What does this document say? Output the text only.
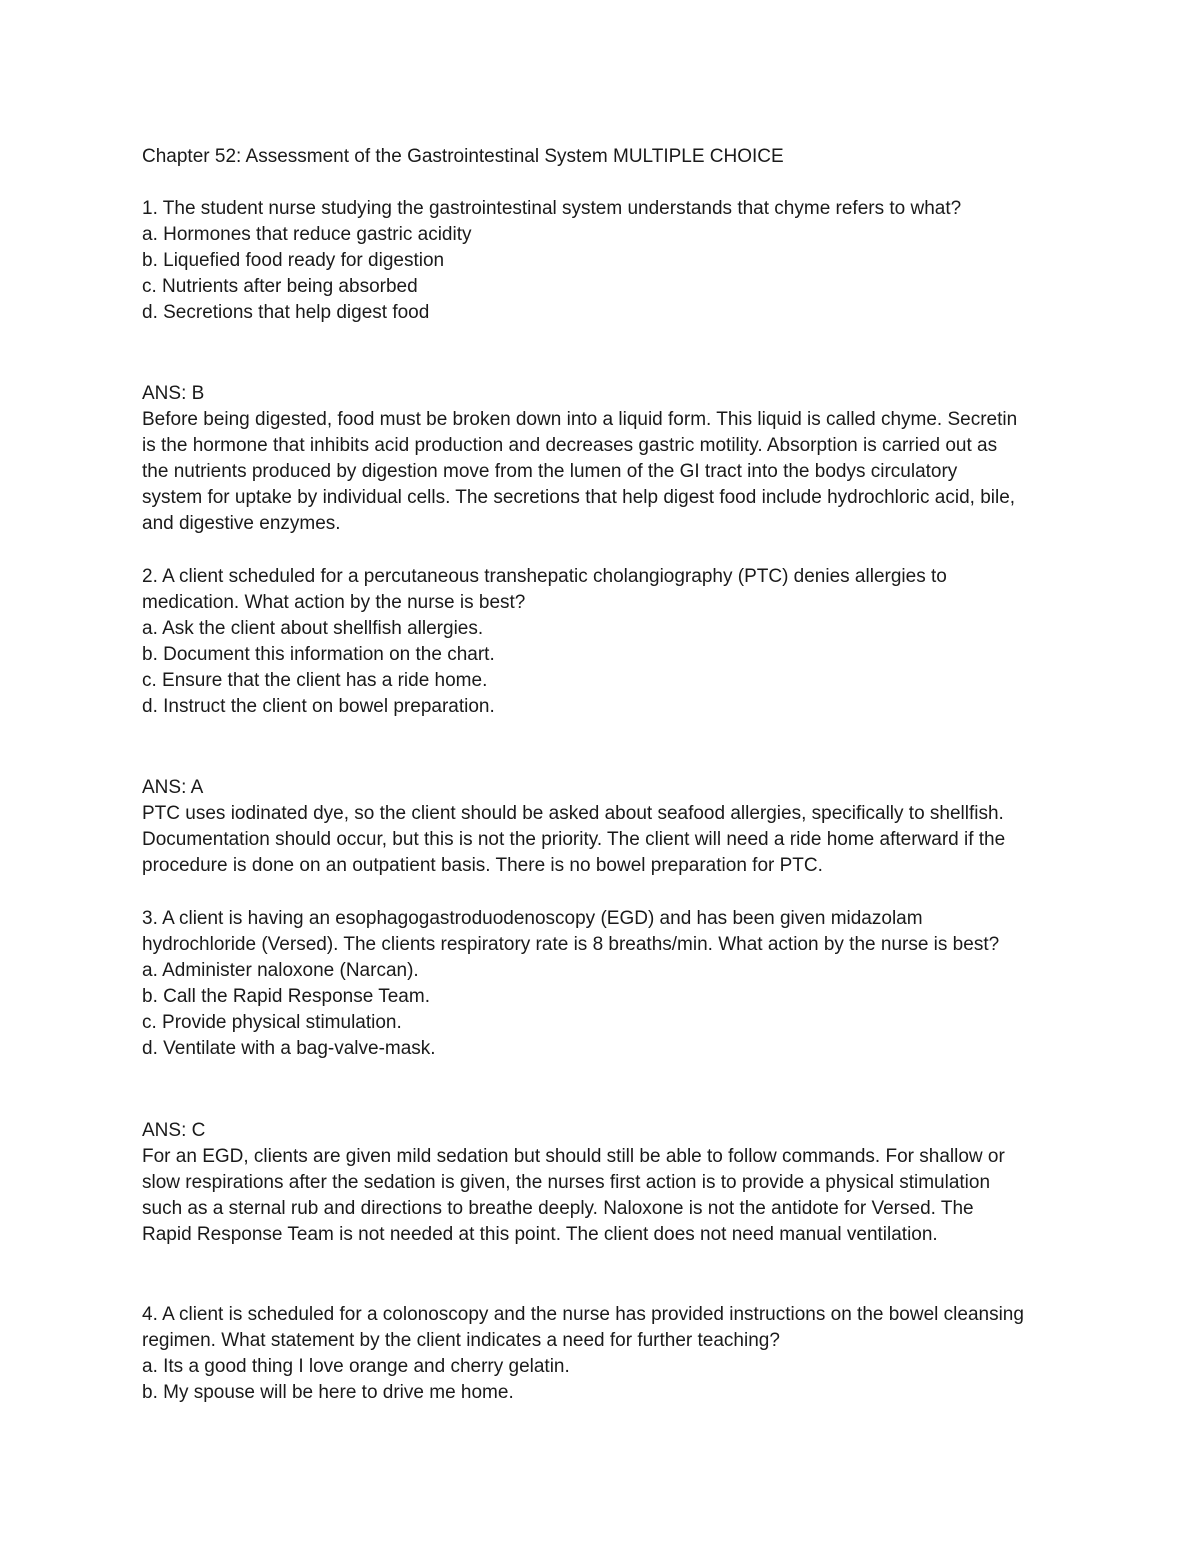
Chapter 52: Assessment of the Gastrointestinal System MULTIPLE CHOICE
1. The student nurse studying the gastrointestinal system understands that chyme refers to what?
a. Hormones that reduce gastric acidity
b. Liquefied food ready for digestion
c. Nutrients after being absorbed
d. Secretions that help digest food
ANS: B
Before being digested, food must be broken down into a liquid form. This liquid is called chyme. Secretin
is the hormone that inhibits acid production and decreases gastric motility. Absorption is carried out as
the nutrients produced by digestion move from the lumen of the GI tract into the bodys circulatory
system for uptake by individual cells. The secretions that help digest food include hydrochloric acid, bile,
and digestive enzymes.
2. A client scheduled for a percutaneous transhepatic cholangiography (PTC) denies allergies to
medication. What action by the nurse is best?
a. Ask the client about shellfish allergies.
b. Document this information on the chart.
c. Ensure that the client has a ride home.
d. Instruct the client on bowel preparation.
ANS: A
PTC uses iodinated dye, so the client should be asked about seafood allergies, specifically to shellfish.
Documentation should occur, but this is not the priority. The client will need a ride home afterward if the
procedure is done on an outpatient basis. There is no bowel preparation for PTC.
3. A client is having an esophagogastroduodenoscopy (EGD) and has been given midazolam
hydrochloride (Versed). The clients respiratory rate is 8 breaths/min. What action by the nurse is best?
a. Administer naloxone (Narcan).
b. Call the Rapid Response Team.
c. Provide physical stimulation.
d. Ventilate with a bag-valve-mask.
ANS: C
For an EGD, clients are given mild sedation but should still be able to follow commands. For shallow or
slow respirations after the sedation is given, the nurses first action is to provide a physical stimulation
such as a sternal rub and directions to breathe deeply. Naloxone is not the antidote for Versed. The
Rapid Response Team is not needed at this point. The client does not need manual ventilation.
4. A client is scheduled for a colonoscopy and the nurse has provided instructions on the bowel cleansing
regimen. What statement by the client indicates a need for further teaching?
a. Its a good thing I love orange and cherry gelatin.
b. My spouse will be here to drive me home.
